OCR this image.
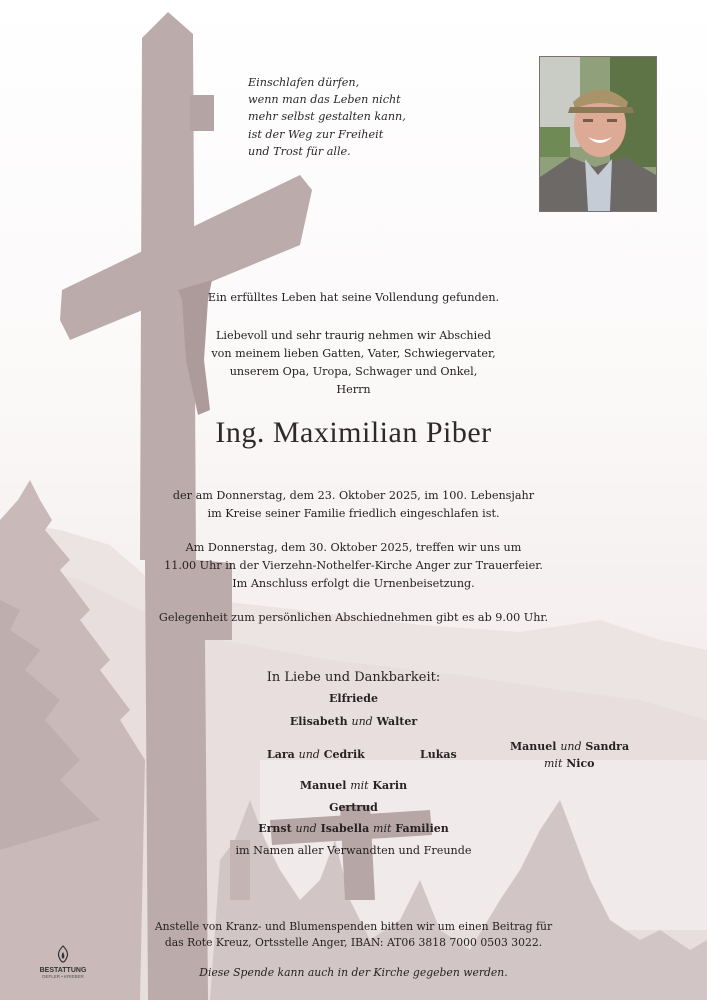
Einschlafen dürfen,
wenn man das Leben nicht
mehr selbst gestalten kann,
ist der Weg zur Freiheit
und Trost für alle.
Ein erfülltes Leben hat seine Vollendung gefunden.
Liebevoll und sehr traurig nehmen wir Abschied
von meinem lieben Gatten, Vater, Schwiegervater,
unserem Opa, Uropa, Schwager und Onkel,
Herrn
Ing. Maximilian Piber
der am Donnerstag, dem 23. Oktober 2025, im 100. Lebensjahr
im Kreise seiner Familie friedlich eingeschlafen ist.
Am Donnerstag, dem 30. Oktober 2025, treffen wir uns um
11.00 Uhr in der Vierzehn-Nothelfer-Kirche Anger zur Trauerfeier.
Im Anschluss erfolgt die Urnenbeisetzung.
Gelegenheit zum persönlichen Abschiednehmen gibt es ab 9.00 Uhr.
In Liebe und Dankbarkeit:
Elfriede
Elisabeth und Walter
Lara und Cedrik	Lukas
Manuel und Sandra
mit Nico
Manuel mit Karin
Gertrud
Ernst und Isabella mit Familien
im Namen aller Verwandten und Freunde
Anstelle von Kranz- und Blumenspenden bitten wir um einen Beitrag für
das Rote Kreuz, Ortsstelle Anger, IBAN: AT06 3818 7000 0503 3022.
Diese Spende kann auch in der Kirche gegeben werden.
BESTATTUNG
DEFLER • KRIEBER
